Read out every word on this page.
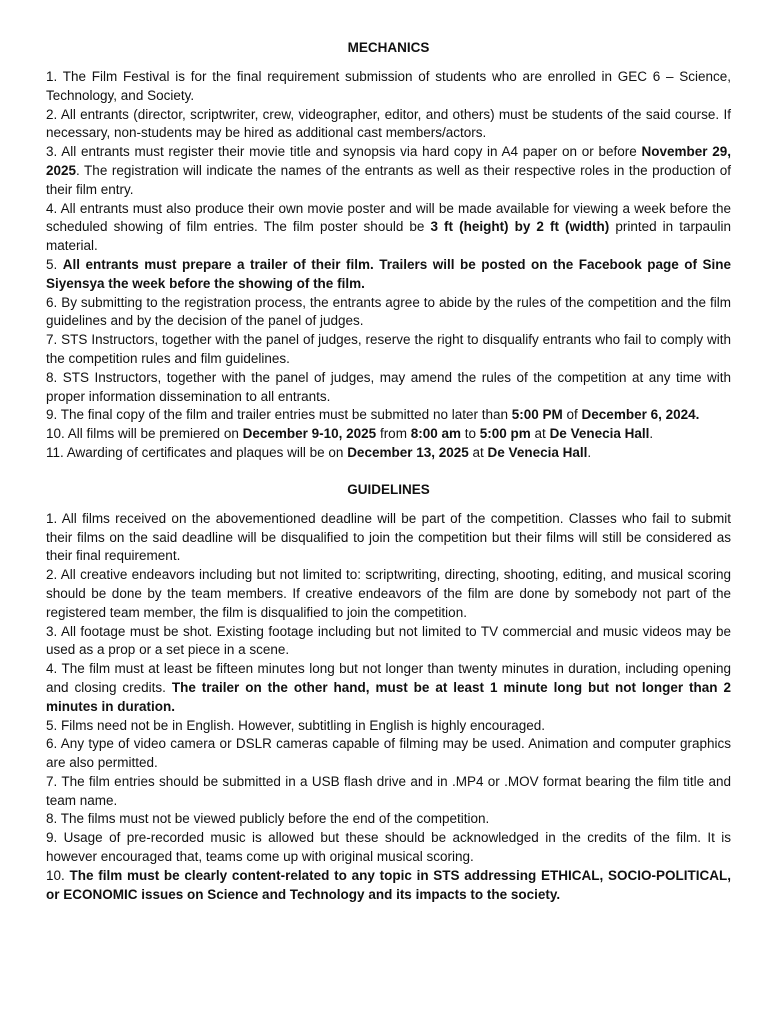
MECHANICS

1. The Film Festival is for the final requirement submission of students who are enrolled in GEC 6 – Science, Technology, and Society.

2. All entrants (director, scriptwriter, crew, videographer, editor, and others) must be students of the said course. If necessary, non-students may be hired as additional cast members/actors.

3. All entrants must register their movie title and synopsis via hard copy in A4 paper on or before November 29, 2025. The registration will indicate the names of the entrants as well as their respective roles in the production of their film entry.

4. All entrants must also produce their own movie poster and will be made available for viewing a week before the scheduled showing of film entries. The film poster should be 3 ft (height) by 2 ft (width) printed in tarpaulin material.

5. All entrants must prepare a trailer of their film. Trailers will be posted on the Facebook page of Sine Siyensya the week before the showing of the film.

6. By submitting to the registration process, the entrants agree to abide by the rules of the competition and the film guidelines and by the decision of the panel of judges.

7. STS Instructors, together with the panel of judges, reserve the right to disqualify entrants who fail to comply with the competition rules and film guidelines.

8. STS Instructors, together with the panel of judges, may amend the rules of the competition at any time with proper information dissemination to all entrants.

9. The final copy of the film and trailer entries must be submitted no later than 5:00 PM of December 6, 2024.

10. All films will be premiered on December 9-10, 2025 from 8:00 am to 5:00 pm at De Venecia Hall.

11. Awarding of certificates and plaques will be on December 13, 2025 at De Venecia Hall.

GUIDELINES

1. All films received on the abovementioned deadline will be part of the competition. Classes who fail to submit their films on the said deadline will be disqualified to join the competition but their films will still be considered as their final requirement.

2. All creative endeavors including but not limited to: scriptwriting, directing, shooting, editing, and musical scoring should be done by the team members. If creative endeavors of the film are done by somebody not part of the registered team member, the film is disqualified to join the competition.

3. All footage must be shot. Existing footage including but not limited to TV commercial and music videos may be used as a prop or a set piece in a scene.

4. The film must at least be fifteen minutes long but not longer than twenty minutes in duration, including opening and closing credits. The trailer on the other hand, must be at least 1 minute long but not longer than 2 minutes in duration.

5. Films need not be in English. However, subtitling in English is highly encouraged.

6. Any type of video camera or DSLR cameras capable of filming may be used. Animation and computer graphics are also permitted.

7. The film entries should be submitted in a USB flash drive and in .MP4 or .MOV format bearing the film title and team name.

8. The films must not be viewed publicly before the end of the competition.

9. Usage of pre-recorded music is allowed but these should be acknowledged in the credits of the film. It is however encouraged that, teams come up with original musical scoring.

10. The film must be clearly content-related to any topic in STS addressing ETHICAL, SOCIO-POLITICAL, or ECONOMIC issues on Science and Technology and its impacts to the society.
